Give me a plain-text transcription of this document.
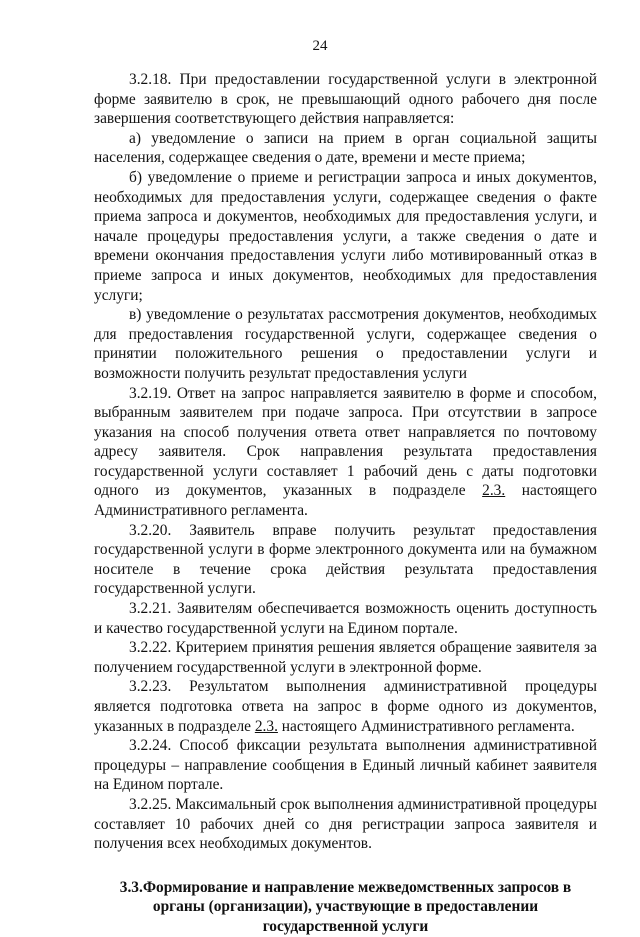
24

3.2.18. При предоставлении государственной услуги в электронной форме заявителю в срок, не превышающий одного рабочего дня после завершения соответствующего действия направляется:

а) уведомление о записи на прием в орган социальной защиты населения, содержащее сведения о дате, времени и месте приема;

б) уведомление о приеме и регистрации запроса и иных документов, необходимых для предоставления услуги, содержащее сведения о факте приема запроса и документов, необходимых для предоставления услуги, и начале процедуры предоставления услуги, а также сведения о дате и времени окончания предоставления услуги либо мотивированный отказ в приеме запроса и иных документов, необходимых для предоставления услуги;

в) уведомление о результатах рассмотрения документов, необходимых для предоставления государственной услуги, содержащее сведения о принятии положительного решения о предоставлении услуги и возможности получить результат предоставления услуги

3.2.19. Ответ на запрос направляется заявителю в форме и способом, выбранным заявителем при подаче запроса. При отсутствии в запросе указания на способ получения ответа ответ направляется по почтовому адресу заявителя. Срок направления результата предоставления государственной услуги составляет 1 рабочий день с даты подготовки одного из документов, указанных в подразделе 2.3. настоящего Административного регламента.

3.2.20. Заявитель вправе получить результат предоставления государственной услуги в форме электронного документа или на бумажном носителе в течение срока действия результата предоставления государственной услуги.

3.2.21. Заявителям обеспечивается возможность оценить доступность и качество государственной услуги на Едином портале.

3.2.22. Критерием принятия решения является обращение заявителя за получением государственной услуги в электронной форме.

3.2.23. Результатом выполнения административной процедуры является подготовка ответа на запрос в форме одного из документов, указанных в подразделе 2.3. настоящего Административного регламента.

3.2.24. Способ фиксации результата выполнения административной процедуры – направление сообщения в Единый личный кабинет заявителя на Едином портале.

3.2.25. Максимальный срок выполнения административной процедуры составляет 10 рабочих дней со дня регистрации запроса заявителя и получения всех необходимых документов.

3.3.Формирование и направление межведомственных запросов в органы (организации), участвующие в предоставлении государственной услуги
